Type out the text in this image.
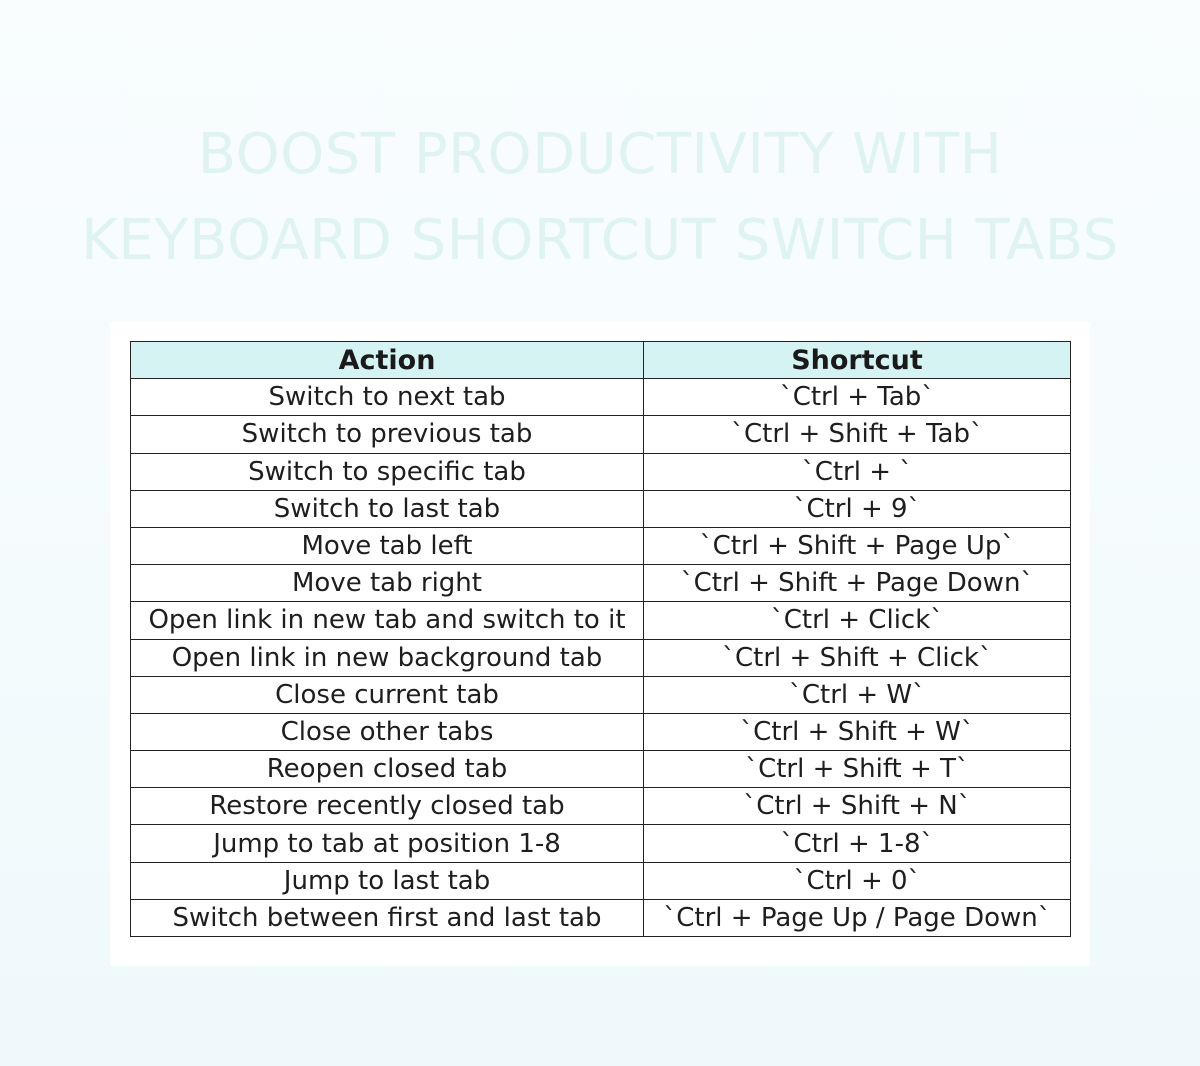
BOOST PRODUCTIVITY WITH
KEYBOARD SHORTCUT SWITCH TABS
Action	Shortcut
Switch to next tab	`Ctrl + Tab`
Switch to previous tab	`Ctrl + Shift + Tab`
Switch to specific tab	`Ctrl + `
Switch to last tab	`Ctrl + 9`
Move tab left	`Ctrl + Shift + Page Up`
Move tab right	`Ctrl + Shift + Page Down`
Open link in new tab and switch to it	`Ctrl + Click`
Open link in new background tab	`Ctrl + Shift + Click`
Close current tab	`Ctrl + W`
Close other tabs	`Ctrl + Shift + W`
Reopen closed tab	`Ctrl + Shift + T`
Restore recently closed tab	`Ctrl + Shift + N`
Jump to tab at position 1-8	`Ctrl + 1-8`
Jump to last tab	`Ctrl + 0`
Switch between first and last tab	`Ctrl + Page Up / Page Down`
